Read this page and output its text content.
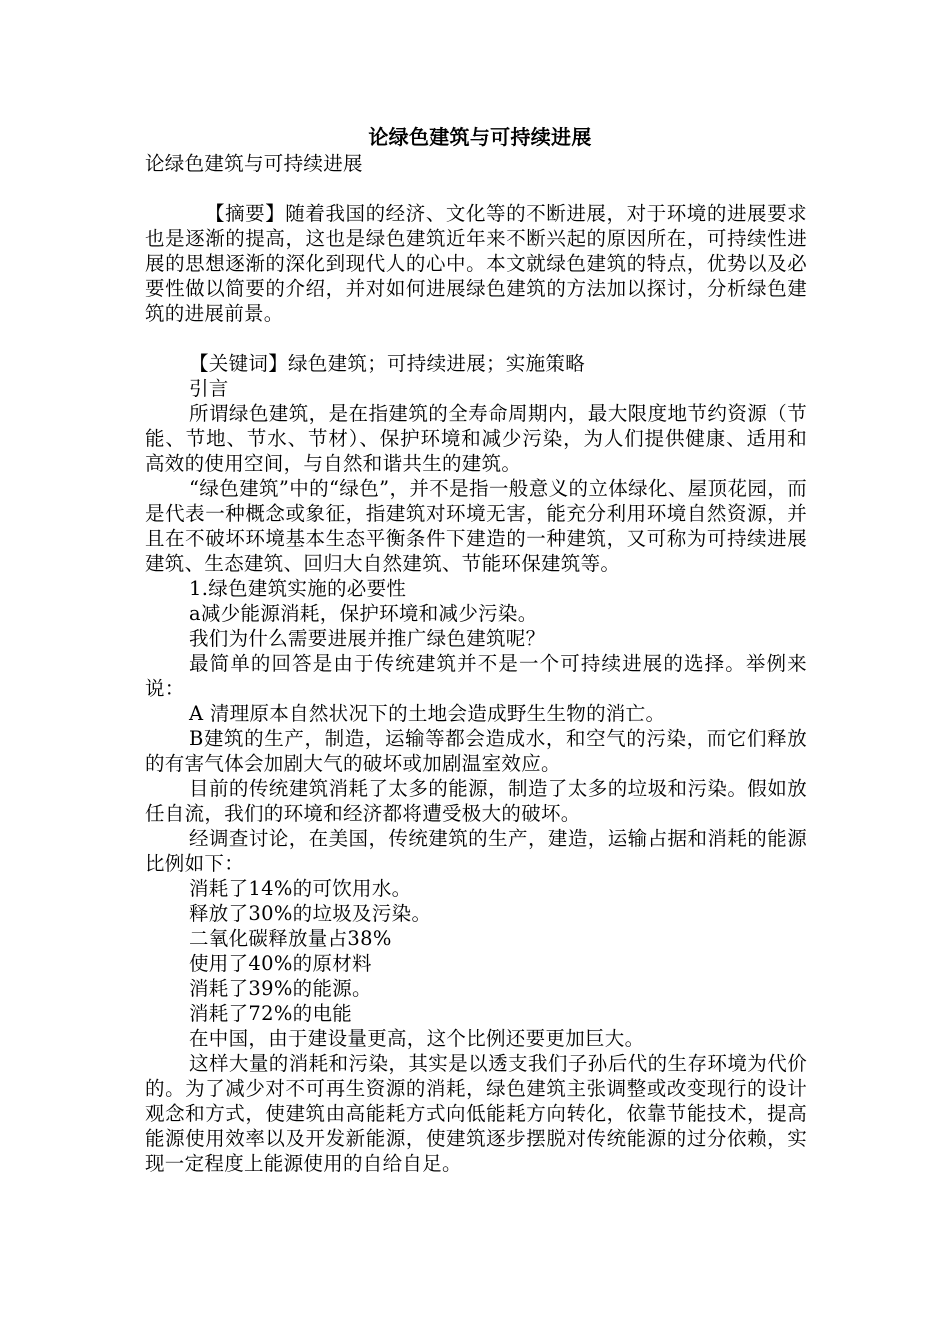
论绿色建筑与可持续进展

论绿色建筑与可持续进展

【摘要】随着我国的经济、文化等的不断进展，对于环境的进展要求也是逐渐的提高，这也是绿色建筑近年来不断兴起的原因所在，可持续性进展的思想逐渐的深化到现代人的心中。本文就绿色建筑的特点，优势以及必要性做以简要的介绍，并对如何进展绿色建筑的方法加以探讨，分析绿色建筑的进展前景。

【关键词】绿色建筑；可持续进展；实施策略

引言

所谓绿色建筑，是在指建筑的全寿命周期内，最大限度地节约资源（节能、节地、节水、节材）、保护环境和减少污染，为人们提供健康、适用和高效的使用空间，与自然和谐共生的建筑。

“绿色建筑”中的“绿色”，并不是指一般意义的立体绿化、屋顶花园，而是代表一种概念或象征，指建筑对环境无害，能充分利用环境自然资源，并且在不破坏环境基本生态平衡条件下建造的一种建筑，又可称为可持续进展建筑、生态建筑、回归大自然建筑、节能环保建筑等。

1.绿色建筑实施的必要性

a减少能源消耗，保护环境和减少污染。

我们为什么需要进展并推广绿色建筑呢？

最简单的回答是由于传统建筑并不是一个可持续进展的选择。举例来说：

A 清理原本自然状况下的土地会造成野生生物的消亡。

B建筑的生产，制造，运输等都会造成水，和空气的污染，而它们释放的有害气体会加剧大气的破坏或加剧温室效应。

目前的传统建筑消耗了太多的能源，制造了太多的垃圾和污染。假如放任自流，我们的环境和经济都将遭受极大的破坏。

经调查讨论，在美国，传统建筑的生产，建造，运输占据和消耗的能源比例如下：

消耗了14%的可饮用水。

释放了30%的垃圾及污染。

二氧化碳释放量占38%

使用了40%的原材料

消耗了39%的能源。

消耗了72%的电能

在中国，由于建设量更高，这个比例还要更加巨大。

这样大量的消耗和污染，其实是以透支我们子孙后代的生存环境为代价的。为了减少对不可再生资源的消耗，绿色建筑主张调整或改变现行的设计观念和方式，使建筑由高能耗方式向低能耗方向转化，依靠节能技术，提高能源使用效率以及开发新能源，使建筑逐步摆脱对传统能源的过分依赖，实现一定程度上能源使用的自给自足。
